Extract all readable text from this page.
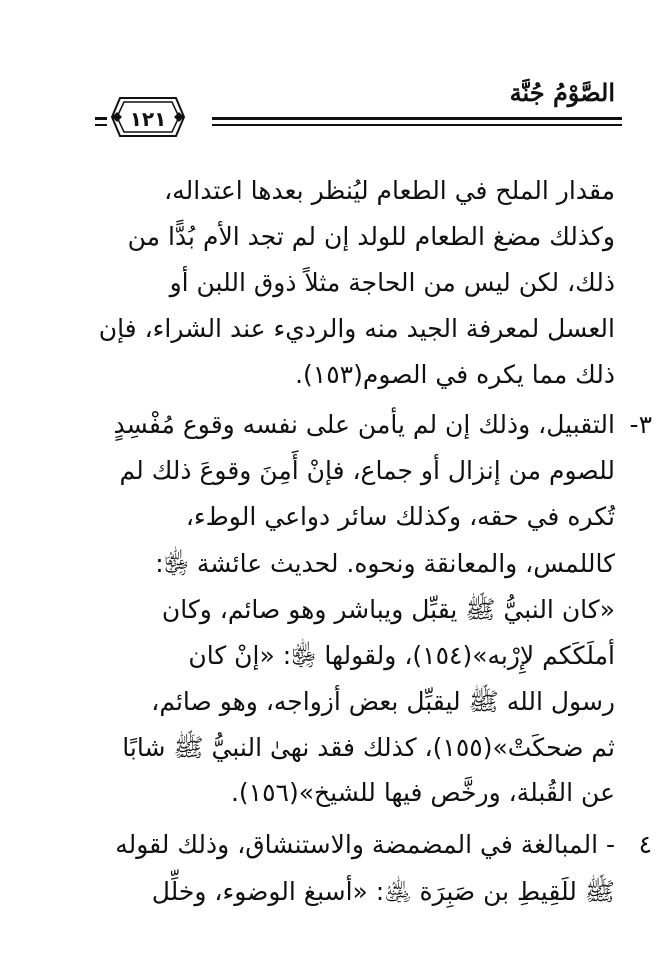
الصَّوْمُ جُنَّة
١٢١
مقدار الملح في الطعام ليُنظر بعدها اعتداله،
وكذلك مضغ الطعام للولد إن لم تجد الأم بُدًّا من
ذلك، لكن ليس من الحاجة مثلاً ذوق اللبن أو
العسل لمعرفة الجيد منه والرديء عند الشراء، فإن
ذلك مما يكره في الصوم(١٥٣).
٣-
التقبيل، وذلك إن لم يأمن على نفسه وقوع مُفْسِدٍ
للصوم من إنزال أو جماع، فإنْ أَمِنَ وقوعَ ذلك لم
تُكره في حقه، وكذلك سائر دواعي الوطء،
كاللمس، والمعانقة ونحوه. لحديث عائشة ﵂:
«كان النبيُّ ﷺ يقبِّل ويباشر وهو صائم، وكان
أملَكَكم لإِرْبه»(١٥٤)، ولقولها ﵂: «إنْ كان
رسول الله ﷺ ليقبِّل بعض أزواجه، وهو صائم،
ثم ضحكَتْ»(١٥٥)، كذلك فقد نهىٰ النبيُّ ﷺ شابًا
عن القُبلة، ورخَّص فيها للشيخ»(١٥٦).
٤
- المبالغة في المضمضة والاستنشاق، وذلك لقوله
ﷺ للَقِيطِ بن صَبِرَة ﵁: «أسبغ الوضوء، وخلِّل
